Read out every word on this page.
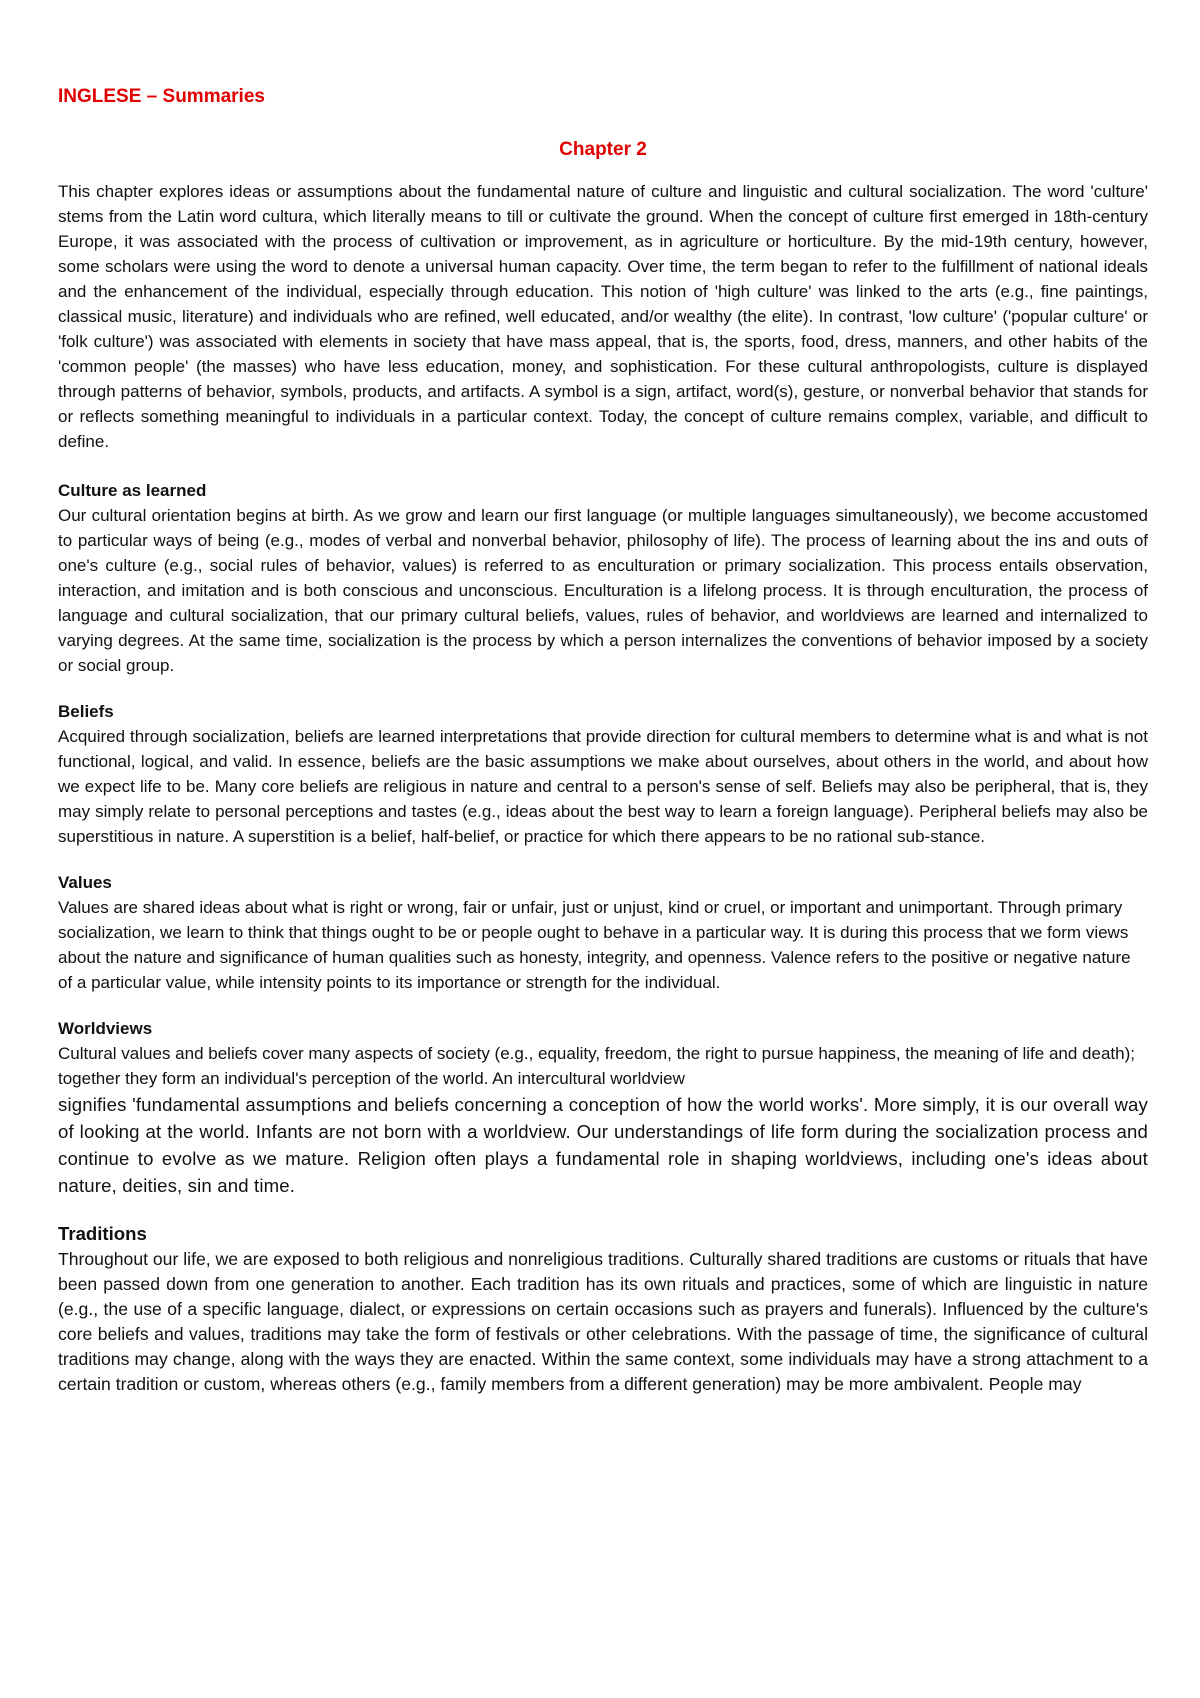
INGLESE – Summaries

Chapter 2

This chapter explores ideas or assumptions about the fundamental nature of culture and linguistic and cultural socialization. The word 'culture' stems from the Latin word cultura, which literally means to till or cultivate the ground. When the concept of culture first emerged in 18th-century Europe, it was associated with the process of cultivation or improvement, as in agriculture or horticulture. By the mid-19th century, however, some scholars were using the word to denote a universal human capacity. Over time, the term began to refer to the fulfillment of national ideals and the enhancement of the individual, especially through education. This notion of 'high culture' was linked to the arts (e.g., fine paintings, classical music, literature) and individuals who are refined, well educated, and/or wealthy (the elite). In contrast, 'low culture' ('popular culture' or 'folk culture') was associated with elements in society that have mass appeal, that is, the sports, food, dress, manners, and other habits of the 'common people' (the masses) who have less education, money, and sophistication. For these cultural anthropologists, culture is displayed through patterns of behavior, symbols, products, and artifacts. A symbol is a sign, artifact, word(s), gesture, or nonverbal behavior that stands for or reflects something meaningful to individuals in a particular context. Today, the concept of culture remains complex, variable, and difficult to define.

Culture as learned

Our cultural orientation begins at birth. As we grow and learn our first language (or multiple languages simultaneously), we become accustomed to particular ways of being (e.g., modes of verbal and nonverbal behavior, philosophy of life). The process of learning about the ins and outs of one's culture (e.g., social rules of behavior, values) is referred to as enculturation or primary socialization. This process entails observation, interaction, and imitation and is both conscious and unconscious. Enculturation is a lifelong process. It is through enculturation, the process of language and cultural socialization, that our primary cultural beliefs, values, rules of behavior, and worldviews are learned and internalized to varying degrees. At the same time, socialization is the process by which a person internalizes the conventions of behavior imposed by a society or social group.

Beliefs

Acquired through socialization, beliefs are learned interpretations that provide direction for cultural members to determine what is and what is not functional, logical, and valid. In essence, beliefs are the basic assumptions we make about ourselves, about others in the world, and about how we expect life to be. Many core beliefs are religious in nature and central to a person's sense of self. Beliefs may also be peripheral, that is, they may simply relate to personal perceptions and tastes (e.g., ideas about the best way to learn a foreign language). Peripheral beliefs may also be superstitious in nature. A superstition is a belief, half-belief, or practice for which there appears to be no rational sub-stance.

Values

Values are shared ideas about what is right or wrong, fair or unfair, just or unjust, kind or cruel, or important and unimportant. Through primary socialization, we learn to think that things ought to be or people ought to behave in a particular way. It is during this process that we form views about the nature and significance of human qualities such as honesty, integrity, and openness. Valence refers to the positive or negative nature of a particular value, while intensity points to its importance or strength for the individual.

Worldviews

Cultural values and beliefs cover many aspects of society (e.g., equality, freedom, the right to pursue happiness, the meaning of life and death); together they form an individual's perception of the world. An intercultural worldview

signifies 'fundamental assumptions and beliefs concerning a conception of how the world works'. More simply, it is our overall way of looking at the world. Infants are not born with a worldview. Our understandings of life form during the socialization process and continue to evolve as we mature. Religion often plays a fundamental role in shaping worldviews, including one's ideas about nature, deities, sin and time.

Traditions

Throughout our life, we are exposed to both religious and nonreligious traditions. Culturally shared traditions are customs or rituals that have been passed down from one generation to another. Each tradition has its own rituals and practices, some of which are linguistic in nature (e.g., the use of a specific language, dialect, or expressions on certain occasions such as prayers and funerals). Influenced by the culture's core beliefs and values, traditions may take the form of festivals or other celebrations. With the passage of time, the significance of cultural traditions may change, along with the ways they are enacted. Within the same context, some individuals may have a strong attachment to a certain tradition or custom, whereas others (e.g., family members from a different generation) may be more ambivalent. People may
